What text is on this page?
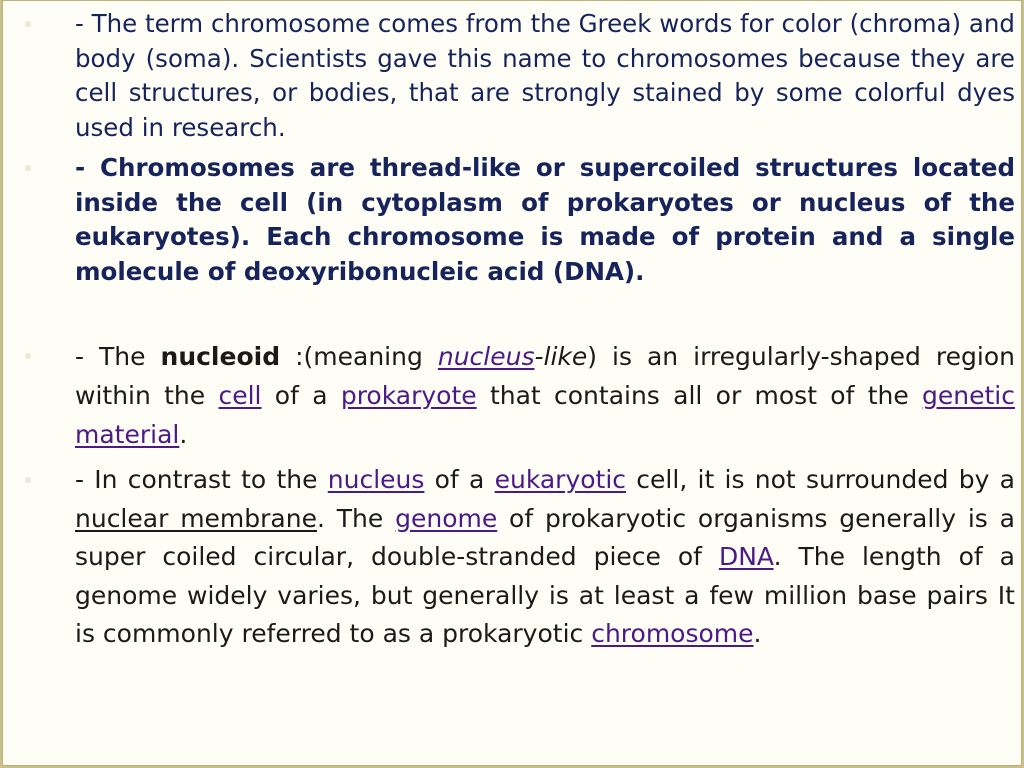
- The term chromosome comes from the Greek words for color (chroma) and body (soma). Scientists gave this name to chromosomes because they are cell structures, or bodies, that are strongly stained by some colorful dyes used in research.

- Chromosomes are thread-like or supercoiled structures located inside the cell (in cytoplasm of prokaryotes or nucleus of the eukaryotes). Each chromosome is made of protein and a single molecule of deoxyribonucleic acid (DNA).

- The nucleoid :(meaning nucleus-like) is an irregularly-shaped region within the cell of a prokaryote that contains all or most of the genetic material.

- In contrast to the nucleus of a eukaryotic cell, it is not surrounded by a nuclear membrane. The genome of prokaryotic organisms generally is a super coiled circular, double-stranded piece of DNA. The length of a genome widely varies, but generally is at least a few million base pairs It is commonly referred to as a prokaryotic chromosome.
